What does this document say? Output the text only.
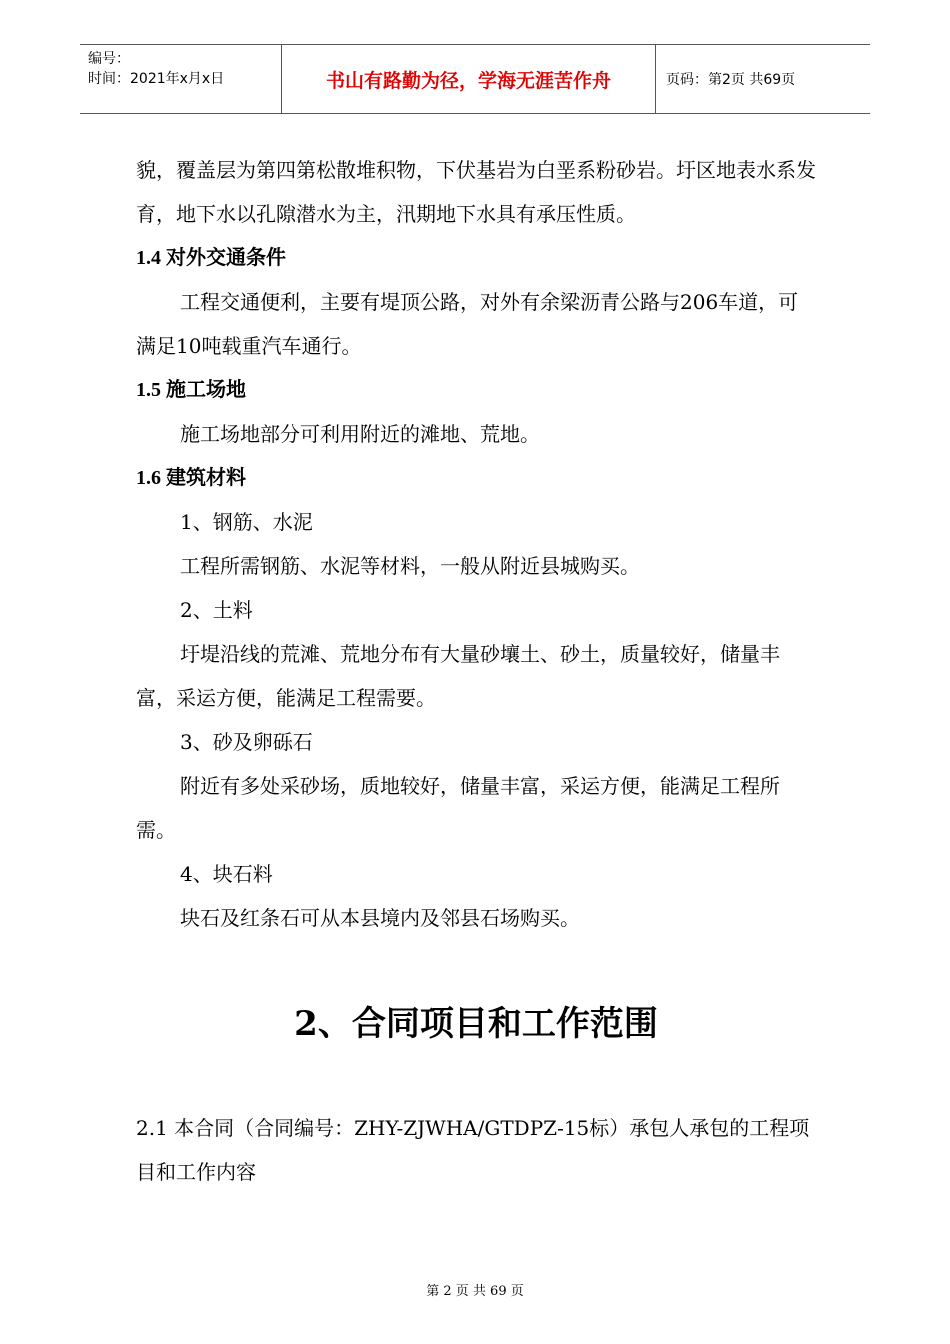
编号：
时间：2021年x月x日	书山有路勤为径，学海无涯苦作舟	页码：第2页 共69页

貌，覆盖层为第四第松散堆积物，下伏基岩为白垩系粉砂岩。圩区地表水系发育，地下水以孔隙潜水为主，汛期地下水具有承压性质。

1.4 对外交通条件

工程交通便利，主要有堤顶公路，对外有余梁沥青公路与206车道，可满足10吨载重汽车通行。

1.5 施工场地

施工场地部分可利用附近的滩地、荒地。

1.6 建筑材料

1、钢筋、水泥

工程所需钢筋、水泥等材料，一般从附近县城购买。

2、土料

圩堤沿线的荒滩、荒地分布有大量砂壤土、砂土，质量较好，储量丰富，采运方便，能满足工程需要。

3、砂及卵砾石

附近有多处采砂场，质地较好，储量丰富，采运方便，能满足工程所需。

4、块石料

块石及红条石可从本县境内及邻县石场购买。

2、合同项目和工作范围

2.1 本合同（合同编号：ZHY-ZJWHA/GTDPZ-15标）承包人承包的工程项目和工作内容

第 2 页 共 69 页
